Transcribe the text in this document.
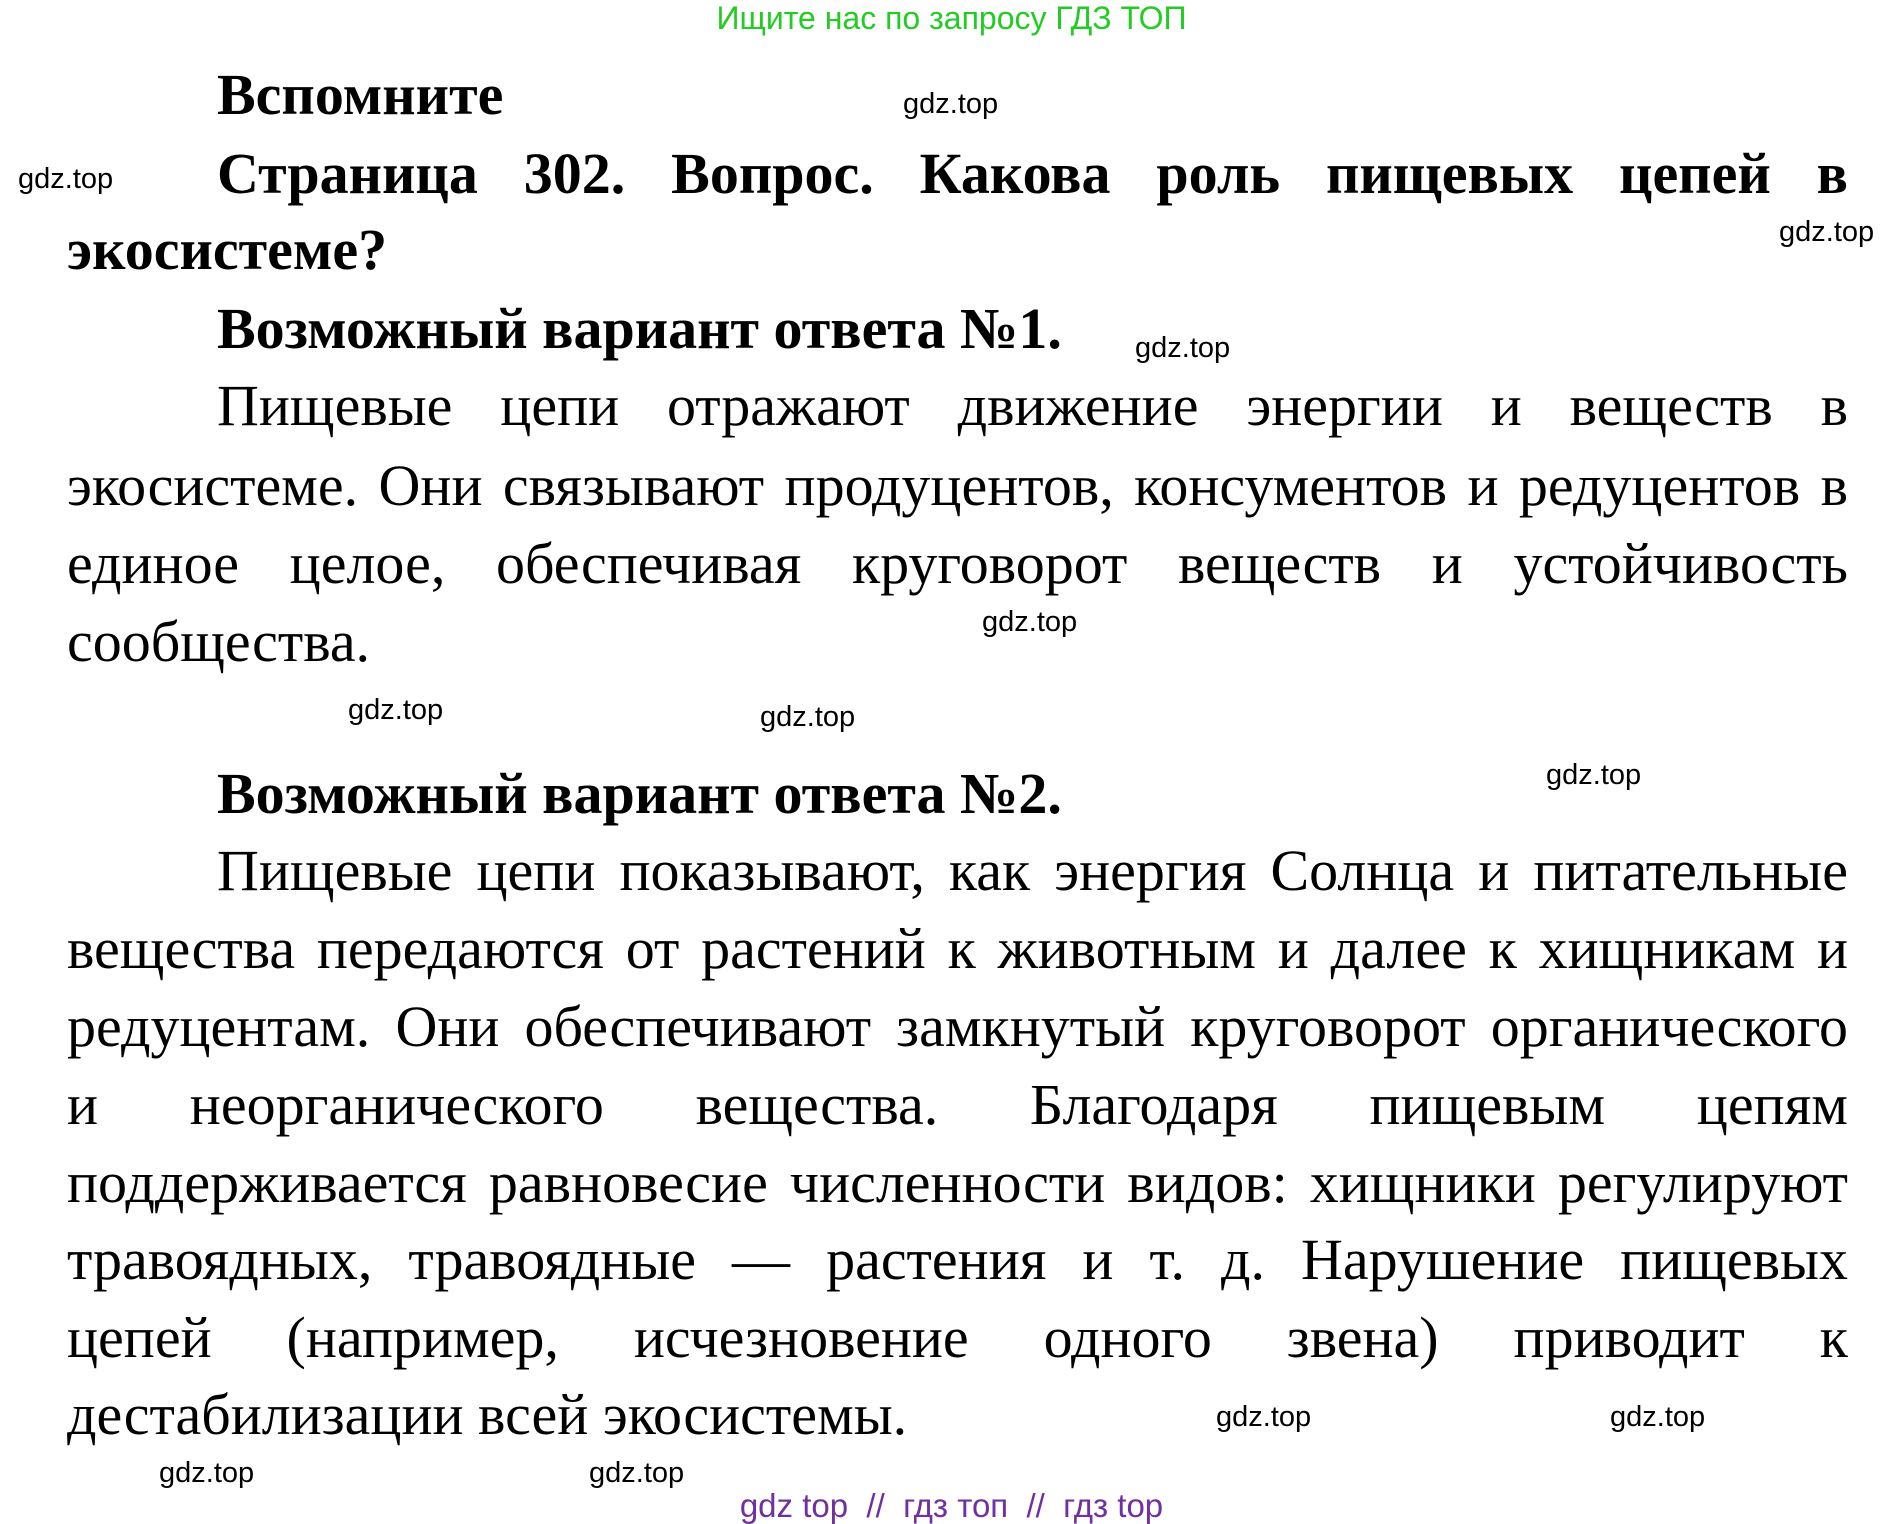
Ищите нас по запросу ГДЗ ТОП
Вспомните
Страница 302. Вопрос. Какова роль пищевых цепей в
экосистеме?
Возможный вариант ответа №1.
Пищевые цепи отражают движение энергии и веществ в
экосистеме. Они связывают продуцентов, консументов и редуцентов в
единое целое, обеспечивая круговорот веществ и устойчивость
сообщества.
Возможный вариант ответа №2.
Пищевые цепи показывают, как энергия Солнца и питательные
вещества передаются от растений к животным и далее к хищникам и
редуцентам. Они обеспечивают замкнутый круговорот органического
и неорганического вещества. Благодаря пищевым цепям
поддерживается равновесие численности видов: хищники регулируют
травоядных, травоядные — растения и т. д. Нарушение пищевых
цепей (например, исчезновение одного звена) приводит к
дестабилизации всей экосистемы.
gdz.top
gdz.top
gdz.top
gdz.top
gdz.top
gdz.top
gdz.top
gdz.top
gdz.top
gdz.top
gdz.top
gdz.top
gdz top  //  гдз топ  //  гдз top
